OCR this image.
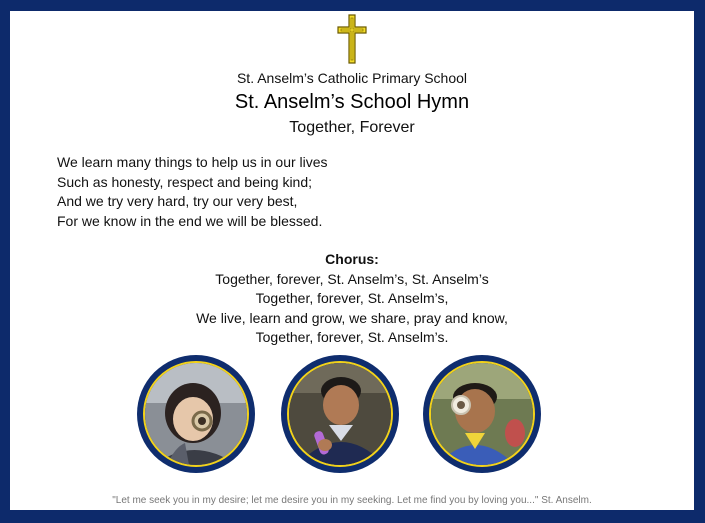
St. Anselm’s Catholic Primary School
St. Anselm’s School Hymn
Together, Forever
We learn many things to help us in our lives
Such as honesty, respect and being kind;
And we try very hard, try our very best,
For we know in the end we will be blessed.
Chorus:
Together, forever, St. Anselm’s, St. Anselm’s
Together, forever, St. Anselm’s,
We live, learn and grow, we share, pray and know,
Together, forever, St. Anselm’s.
"Let me seek you in my desire; let me desire you in my seeking. Let me find you by loving you..." St. Anselm.
